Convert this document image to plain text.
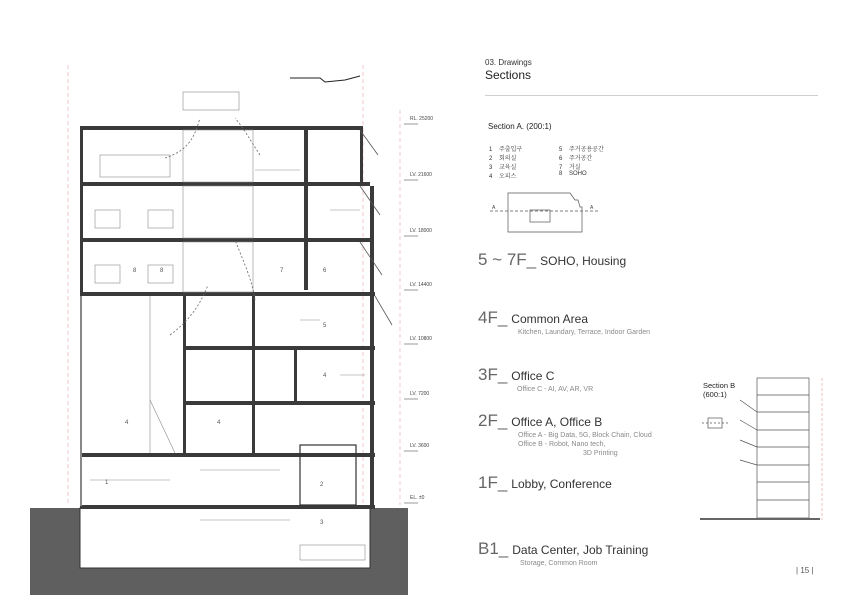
RL. 25200
LV. 21600
LV. 18000
LV. 14400
LV. 10800
LV. 7200
LV. 3600
EL. ±0
8	8	7	6
5
4
4
4
1	2
3
A	A
03. Drawings
Sections
Section A. (200:1)
1 주출입구
2 회의실
3 교육실
4 오피스
5 주거공용공간
6 주거공간
7 거실
8 SOHO
5 ~ 7F_ SOHO, Housing
4F_ Common Area
Kitchen, Laundary, Terrace, Indoor Garden
3F_ Office C
Office C - AI, AV, AR, VR
2F_ Office A, Office B
Office A - Big Data, 5G, Block Chain, Cloud
Office B - Robot, Nano tech,
3D Printing
1F_ Lobby, Conference
B1_ Data Center, Job Training
Storage, Common Room
Section B
(600:1)
| 15 |
